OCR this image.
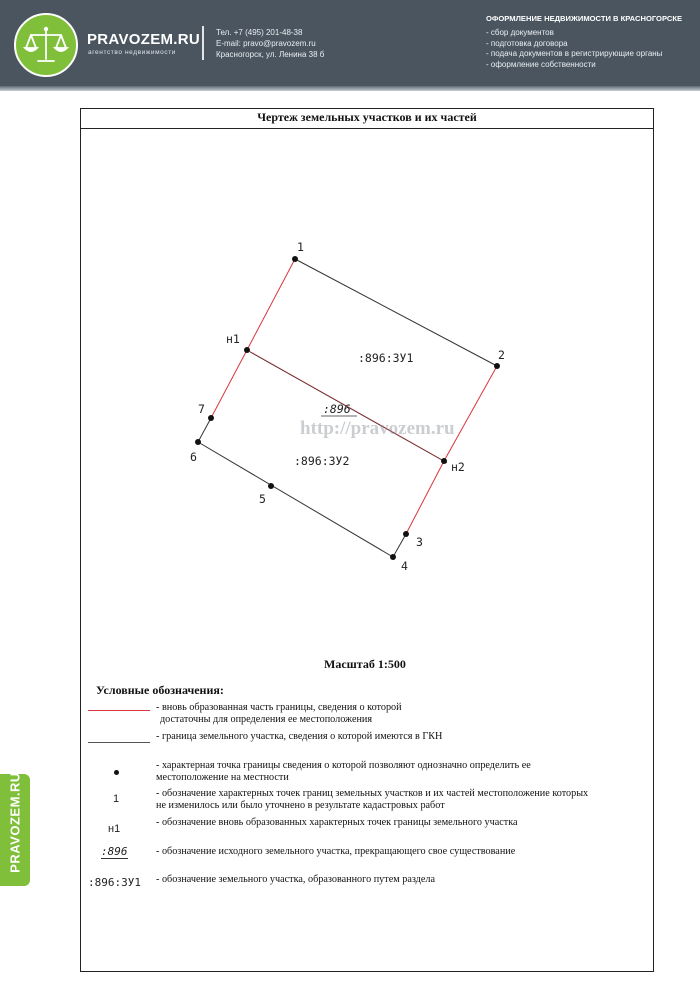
PRAVOZEM.RU
агентство недвижимости
Тел. +7 (495) 201-48-38
E-mail: pravo@pravozem.ru
Красногорск, ул. Ленина 38 б
ОФОРМЛЕНИЕ НЕДВИЖИМОСТИ В КРАСНОГОРСКЕ
- сбор документов
- подготовка договора
- подача документов в регистрирующие органы
- оформление собственности
Чертеж земельных участков и их частей
1
2
3
4
5
6
7
н1
н2
http://pravozem.ru
:896:ЗУ1
:896
:896:ЗУ2
Масштаб 1:500
Условные обозначения:
- вновь образованная часть границы, сведения о которой
достаточны для определения ее местоположения
- граница земельного участка, сведения о которой имеются в ГКН
- характерная точка границы сведения о которой позволяют однозначно определить ее
местоположение на местности
1	- обозначение характерных точек границ земельных участков и их частей местоположение которых
не изменилось или было уточнено в результате кадастровых работ
н1
- обозначение вновь образованных характерных точек границы земельного участка
:896	- обозначение исходного земельного участка, прекращающего свое существование
:896:ЗУ1 - обозначение земельного участка, образованного путем раздела
PRAVOZEM.RU
